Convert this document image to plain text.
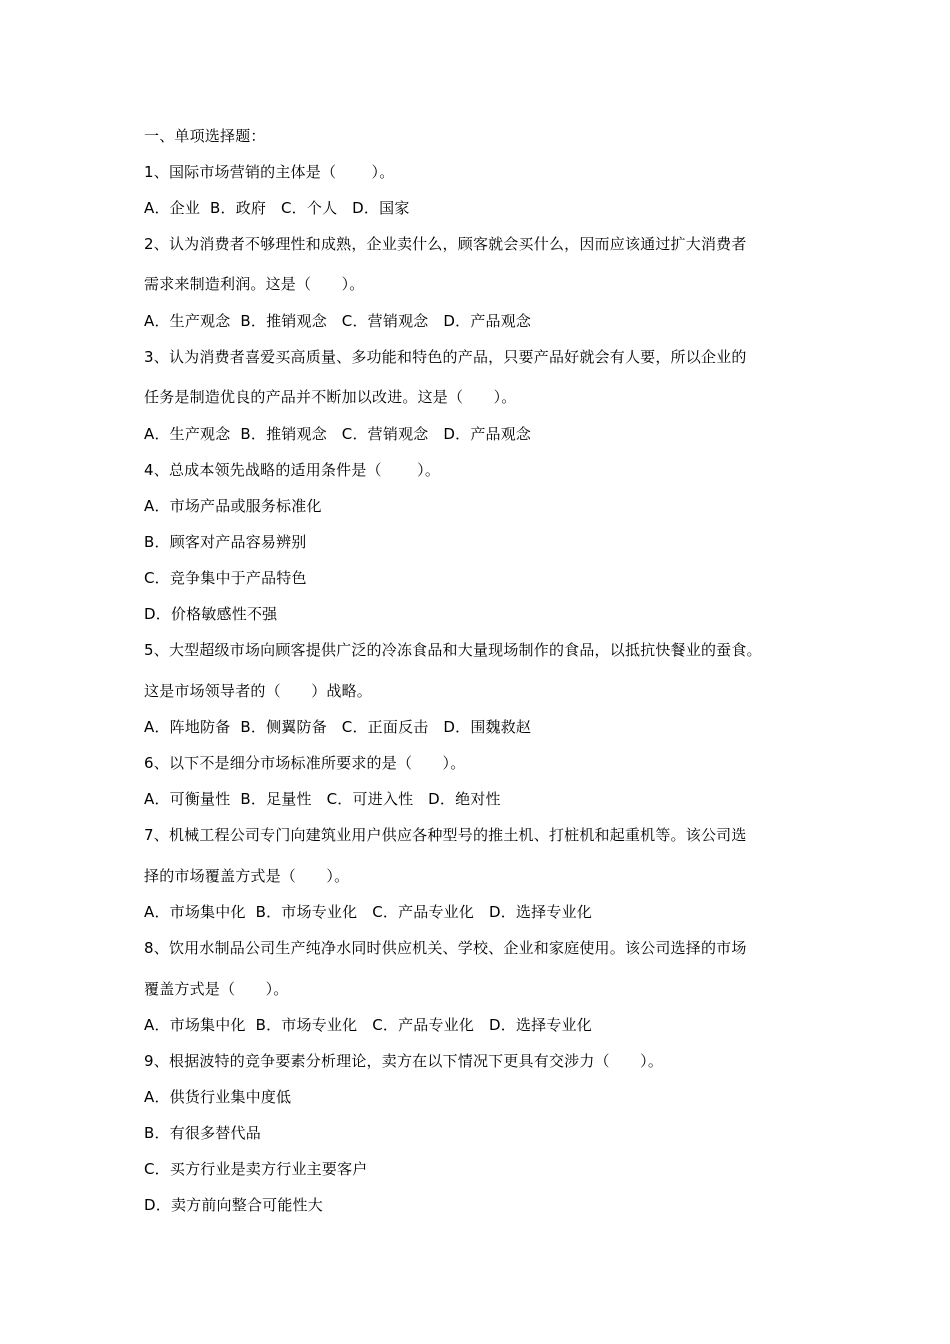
一、单项选择题：
1、国际市场营销的主体是（　　 ）。
A．企业  B．政府   C．个人   D．国家
2、认为消费者不够理性和成熟，企业卖什么，顾客就会买什么，因而应该通过扩大消费者
需求来制造利润。这是（　　）。
A．生产观念  B．推销观念   C．营销观念   D．产品观念
3、认为消费者喜爱买高质量、多功能和特色的产品，只要产品好就会有人要，所以企业的
任务是制造优良的产品并不断加以改进。这是（　　）。
A．生产观念  B．推销观念   C．营销观念   D．产品观念
4、总成本领先战略的适用条件是（　　 ）。
A．市场产品或服务标准化
B．顾客对产品容易辨别
C．竞争集中于产品特色
D．价格敏感性不强
5、大型超级市场向顾客提供广泛的冷冻食品和大量现场制作的食品，以抵抗快餐业的蚕食。
这是市场领导者的（　　）战略。
A．阵地防备  B．侧翼防备   C．正面反击   D．围魏救赵
6、以下不是细分市场标准所要求的是（　　）。
A．可衡量性  B．足量性   C．可进入性   D．绝对性
7、机械工程公司专门向建筑业用户供应各种型号的推土机、打桩机和起重机等。该公司选
择的市场覆盖方式是（　　）。
A．市场集中化  B．市场专业化   C．产品专业化   D．选择专业化
8、饮用水制品公司生产纯净水同时供应机关、学校、企业和家庭使用。该公司选择的市场
覆盖方式是（　　）。
A．市场集中化  B．市场专业化   C．产品专业化   D．选择专业化
9、根据波特的竞争要素分析理论，卖方在以下情况下更具有交涉力（　　）。
A．供货行业集中度低
B．有很多替代品
C．买方行业是卖方行业主要客户
D．卖方前向整合可能性大
